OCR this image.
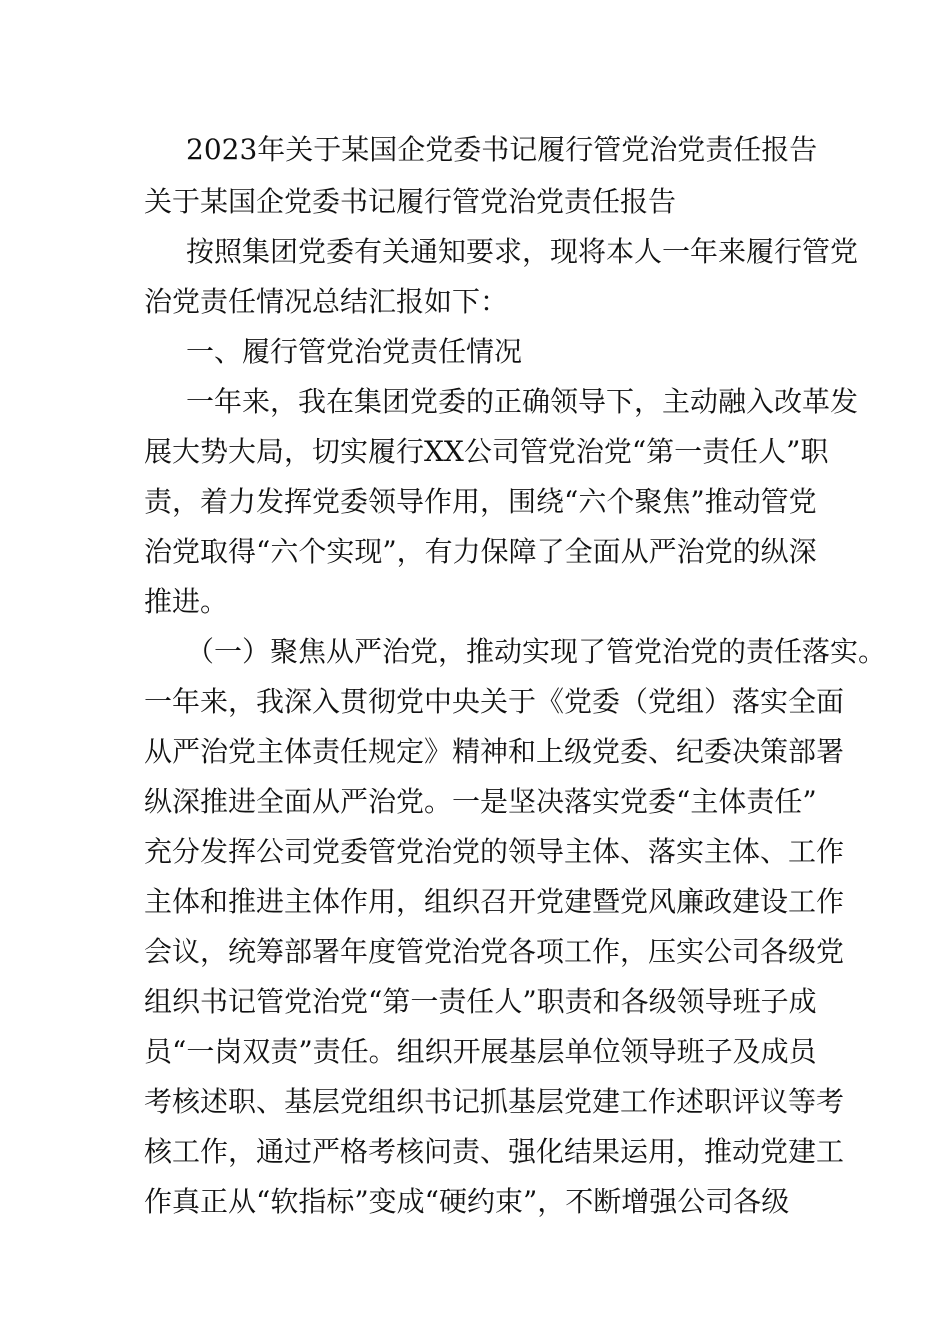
2023年关于某国企党委书记履行管党治党责任报告

关于某国企党委书记履行管党治党责任报告

按照集团党委有关通知要求，现将本人一年来履行管党

治党责任情况总结汇报如下：

一、履行管党治党责任情况

一年来，我在集团党委的正确领导下，主动融入改革发

展大势大局，切实履行XX公司管党治党“第一责任人”职

责，着力发挥党委领导作用，围绕“六个聚焦”推动管党

治党取得“六个实现”，有力保障了全面从严治党的纵深

推进。

（一）聚焦从严治党，推动实现了管党治党的责任落实。

一年来，我深入贯彻党中央关于《党委（党组）落实全面

从严治党主体责任规定》精神和上级党委、纪委决策部署

纵深推进全面从严治党。一是坚决落实党委“主体责任”

充分发挥公司党委管党治党的领导主体、落实主体、工作

主体和推进主体作用，组织召开党建暨党风廉政建设工作

会议，统筹部署年度管党治党各项工作，压实公司各级党

组织书记管党治党“第一责任人”职责和各级领导班子成

员“一岗双责”责任。组织开展基层单位领导班子及成员

考核述职、基层党组织书记抓基层党建工作述职评议等考

核工作，通过严格考核问责、强化结果运用，推动党建工

作真正从“软指标”变成“硬约束”，不断增强公司各级
